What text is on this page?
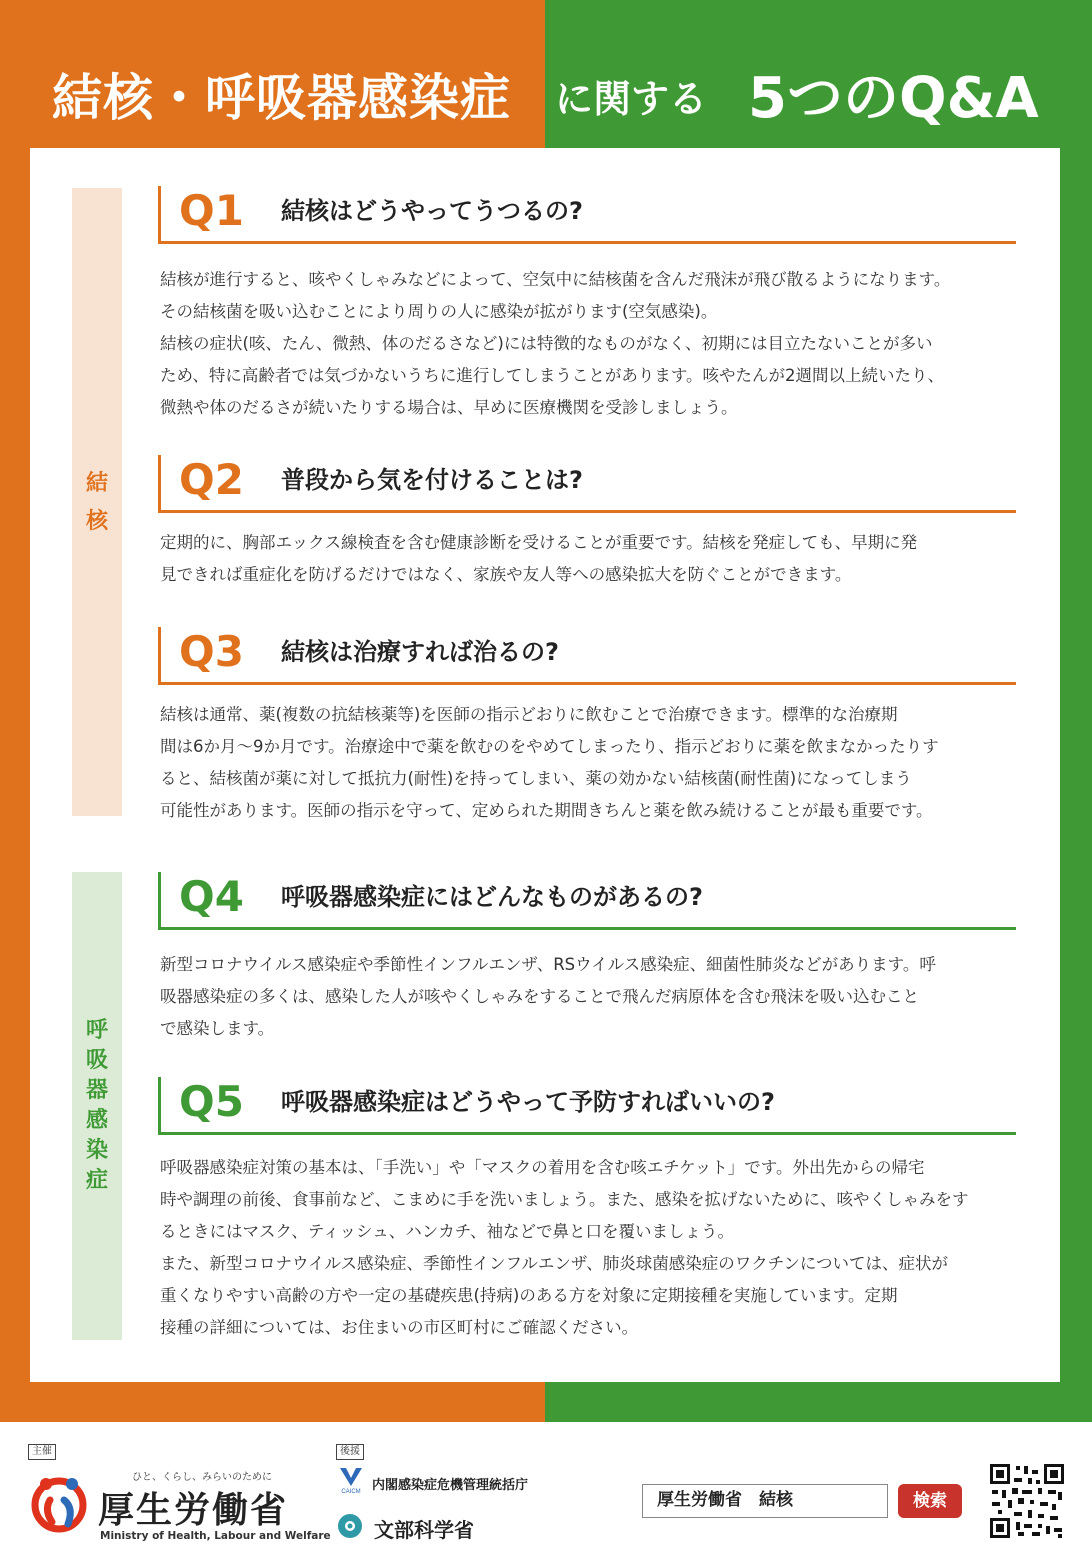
結核・呼吸器感染症 に関する 5つのQ&A
結
核
呼
吸
器
感
染
症
Q1 結核はどうやってうつるの?

結核が進行すると、咳やくしゃみなどによって、空気中に結核菌を含んだ飛沫が飛び散るようになります。

その結核菌を吸い込むことにより周りの人に感染が拡がります(空気感染)。

結核の症状(咳、たん、微熱、体のだるさなど)には特徴的なものがなく、初期には目立たないことが多い

ため、特に高齢者では気づかないうちに進行してしまうことがあります。咳やたんが2週間以上続いたり、

微熱や体のだるさが続いたりする場合は、早めに医療機関を受診しましょう。

Q2 普段から気を付けることは?

定期的に、胸部エックス線検査を含む健康診断を受けることが重要です。結核を発症しても、早期に発

見できれば重症化を防げるだけではなく、家族や友人等への感染拡大を防ぐことができます。

Q3 結核は治療すれば治るの?

結核は通常、薬(複数の抗結核薬等)を医師の指示どおりに飲むことで治療できます。標準的な治療期

間は6か月〜9か月です。治療途中で薬を飲むのをやめてしまったり、指示どおりに薬を飲まなかったりす

ると、結核菌が薬に対して抵抗力(耐性)を持ってしまい、薬の効かない結核菌(耐性菌)になってしまう

可能性があります。医師の指示を守って、定められた期間きちんと薬を飲み続けることが最も重要です。

Q4 呼吸器感染症にはどんなものがあるの?

新型コロナウイルス感染症や季節性インフルエンザ、RSウイルス感染症、細菌性肺炎などがあります。呼

吸器感染症の多くは、感染した人が咳やくしゃみをすることで飛んだ病原体を含む飛沫を吸い込むこと

で感染します。

Q5 呼吸器感染症はどうやって予防すればいいの?

呼吸器感染症対策の基本は、「手洗い」や「マスクの着用を含む咳エチケット」です。外出先からの帰宅

時や調理の前後、食事前など、こまめに手を洗いましょう。また、感染を拡げないために、咳やくしゃみをす

るときにはマスク、ティッシュ、ハンカチ、袖などで鼻と口を覆いましょう。

また、新型コロナウイルス感染症、季節性インフルエンザ、肺炎球菌感染症のワクチンについては、症状が

重くなりやすい高齢の方や一定の基礎疾患(持病)のある方を対象に定期接種を実施しています。定期

接種の詳細については、お住まいの市区町村にご確認ください。

主催
ひと、くらし、みらいのために
厚生労働省
Ministry of Health, Labour and Welfare
後援
CAICM 内閣感染症危機管理統括庁
文部科学省
厚生労働省　結核	検索
